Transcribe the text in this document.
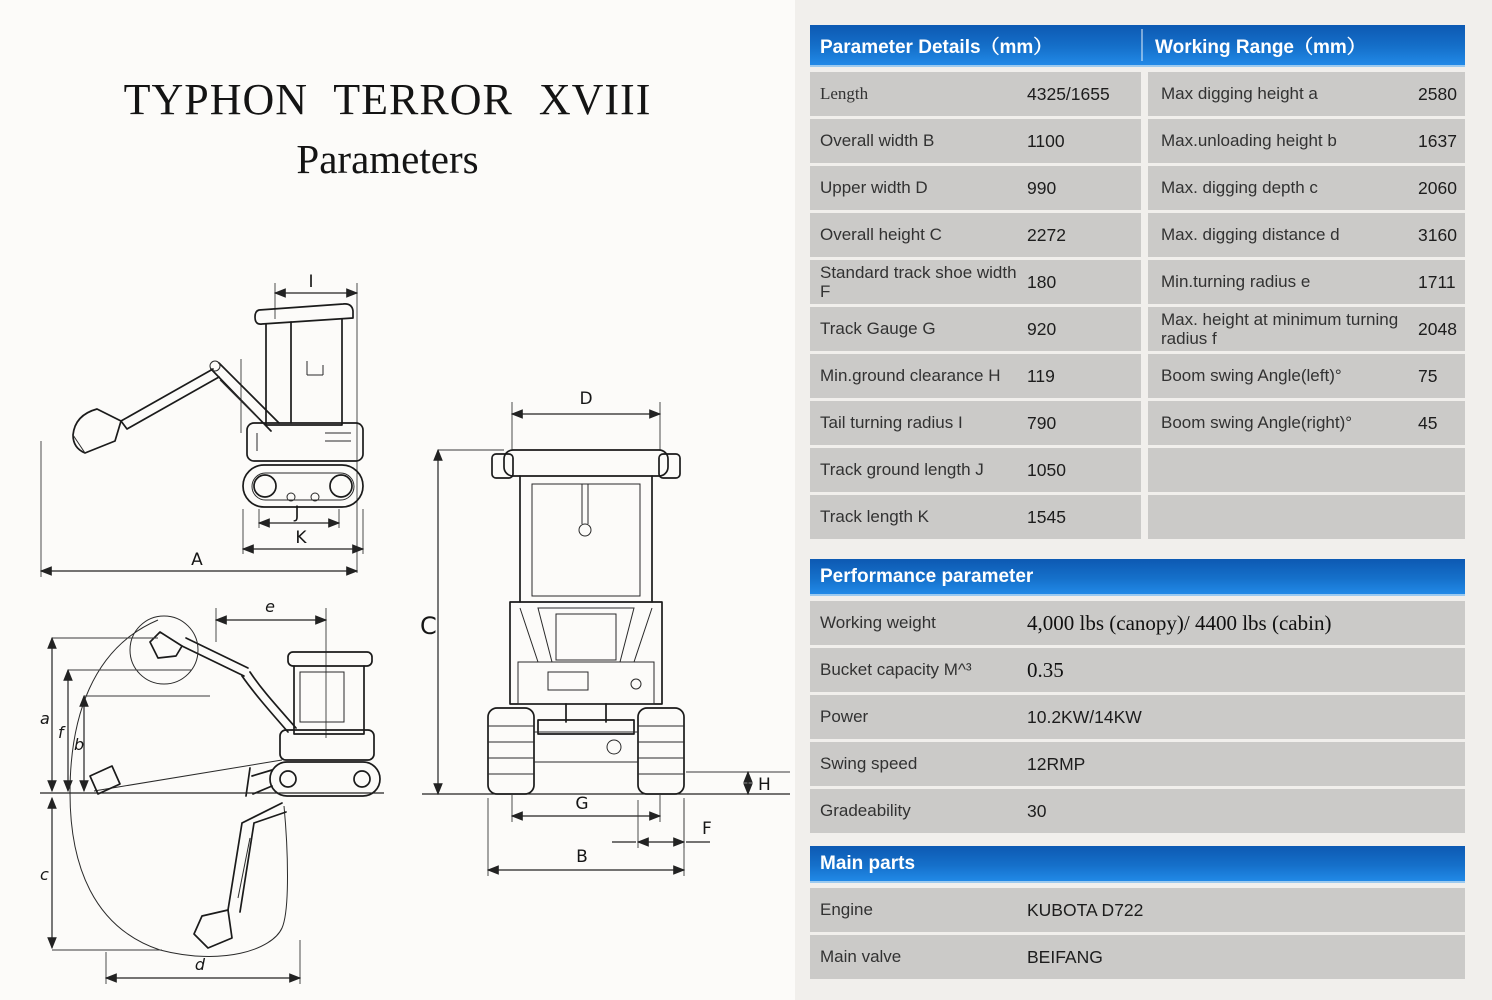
TYPHON TERROR XVIII
Parameters
I
J
K
A
D
C
H
G
F
B
e
a
f
b
c
d
Parameter Details（mm）	Working Range（mm）
Length	4325/1655	Max digging height a	2580
Overall width B	1100	Max.unloading height b	1637
Upper width D	990	Max. digging depth c	2060
Overall height C	2272	Max. digging distance d	3160
Standard track shoe width F	180	Min.turning radius e	1711
Track Gauge G	920	Max. height at minimum turning radius f	2048
Min.ground clearance H	119	Boom swing Angle(left)°	75
Tail turning radius I	790	Boom swing Angle(right)°	45
Track ground length J	1050
Track length K	1545
Performance parameter
Working weight	4,000 lbs (canopy)/ 4400 lbs (cabin)
Bucket capacity M^³	0.35
Power	10.2KW/14KW
Swing speed	12RMP
Gradeability	30
Main parts
Engine	KUBOTA D722
Main valve	BEIFANG
